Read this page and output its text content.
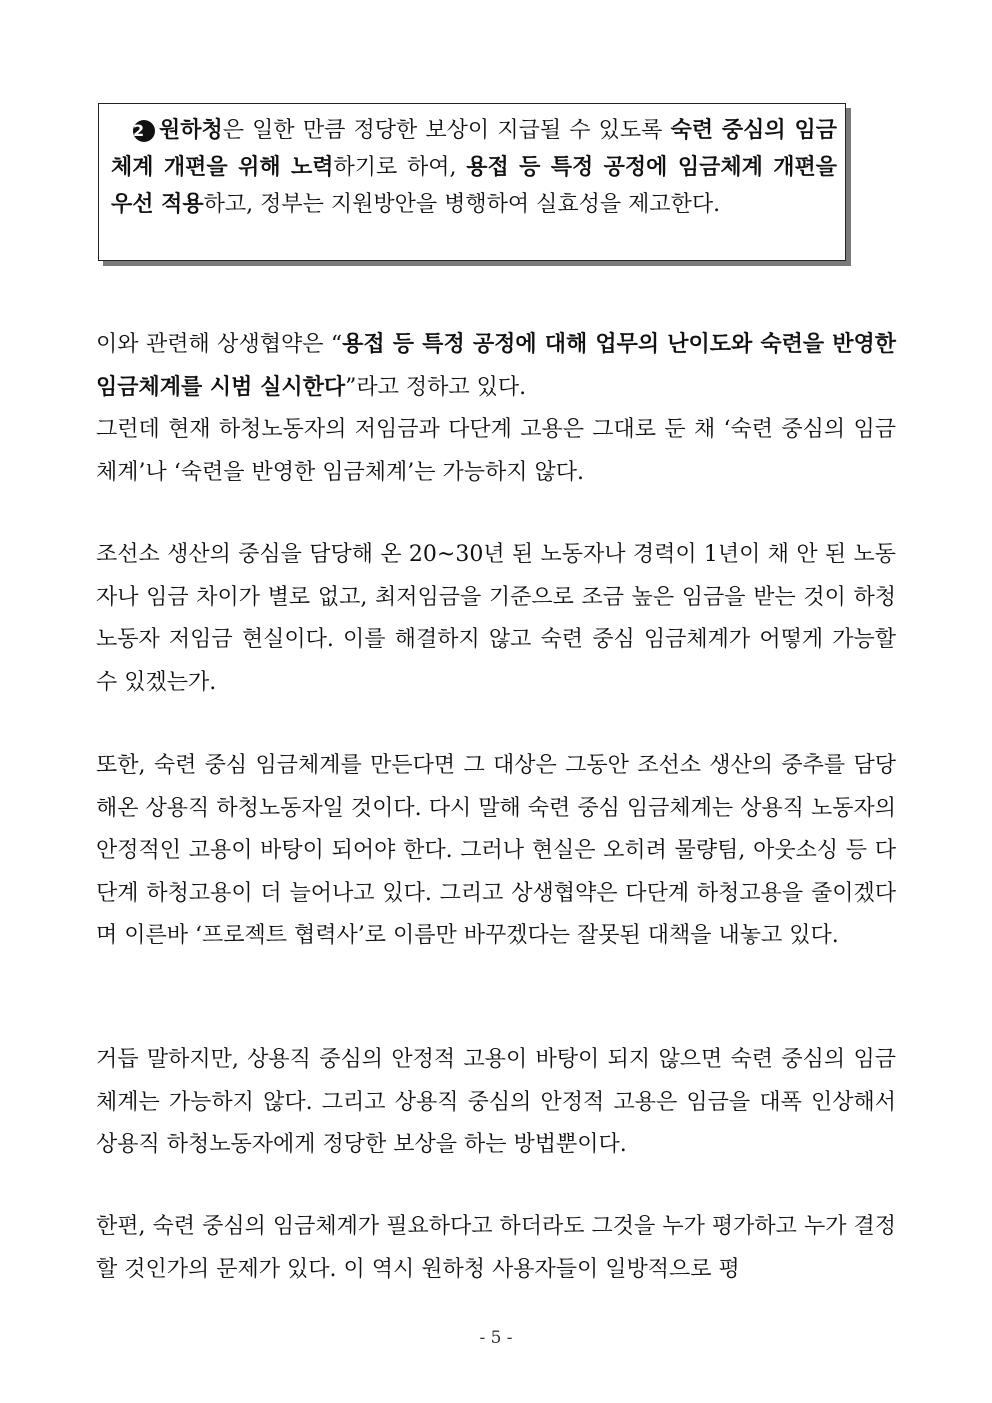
2 원하청은 일한 만큼 정당한 보상이 지급될 수 있도록 숙련 중심의 임금체계 개편을 위해 노력하기로 하여, 용접 등 특정 공정에 임금체계 개편을 우선 적용하고, 정부는 지원방안을 병행하여 실효성을 제고한다.

이와 관련해 상생협약은 “용접 등 특정 공정에 대해 업무의 난이도와 숙련을 반영한 임금체계를 시범 실시한다”라고 정하고 있다.

그런데 현재 하청노동자의 저임금과 다단계 고용은 그대로 둔 채 ‘숙련 중심의 임금체계’나 ‘숙련을 반영한 임금체계’는 가능하지 않다.

조선소 생산의 중심을 담당해 온 20~30년 된 노동자나 경력이 1년이 채 안 된 노동자나 임금 차이가 별로 없고, 최저임금을 기준으로 조금 높은 임금을 받는 것이 하청노동자 저임금 현실이다. 이를 해결하지 않고 숙련 중심 임금체계가 어떻게 가능할 수 있겠는가.
또한, 숙련 중심 임금체계를 만든다면 그 대상은 그동안 조선소 생산의 중추를 담당해온 상용직 하청노동자일 것이다. 다시 말해 숙련 중심 임금체계는 상용직 노동자의 안정적인 고용이 바탕이 되어야 한다. 그러나 현실은 오히려 물량팀, 아웃소싱 등 다단계 하청고용이 더 늘어나고 있다. 그리고 상생협약은 다단계 하청고용을 줄이겠다며 이른바 ‘프로젝트 협력사’로 이름만 바꾸겠다는 잘못된 대책을 내놓고 있다.
거듭 말하지만, 상용직 중심의 안정적 고용이 바탕이 되지 않으면 숙련 중심의 임금체계는 가능하지 않다. 그리고 상용직 중심의 안정적 고용은 임금을 대폭 인상해서 상용직 하청노동자에게 정당한 보상을 하는 방법뿐이다.
한편, 숙련 중심의 임금체계가 필요하다고 하더라도 그것을 누가 평가하고 누가 결정할 것인가의 문제가 있다. 이 역시 원하청 사용자들이 일방적으로 평
- 5 -
